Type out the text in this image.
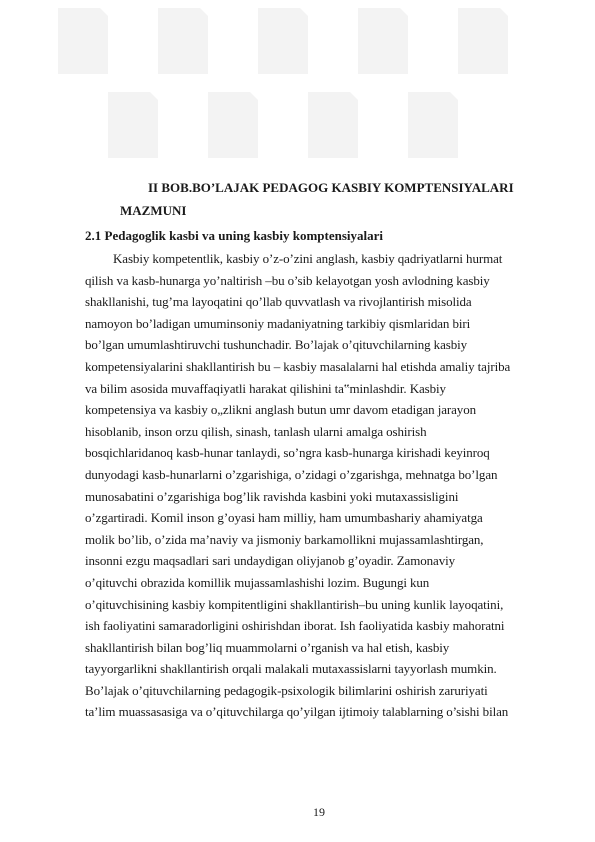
II BOB.BO’LAJAK PEDAGOG KASBIY KOMPTENSIYALARI
MAZMUNI
2.1 Pedagoglik kasbi va uning kasbiy komptensiyalari
Kasbiy kompetentlik, kasbiy o’z-o’zini anglash, kasbiy qadriyatlarni hurmat
qilish va kasb-hunarga yo’naltirish –bu o’sib kelayotgan yosh avlodning kasbiy
shakllanishi, tug’ma layoqatini qo’llab quvvatlash va rivojlantirish misolida
namoyon bo’ladigan umuminsoniy madaniyatning tarkibiy qismlaridan biri
bo’lgan umumlashtiruvchi tushunchadir. Bo’lajak o’qituvchilarning kasbiy
kompetensiyalarini shakllantirish bu – kasbiy masalalarni hal etishda amaliy tajriba
va bilim asosida muvaffaqiyatli harakat qilishini ta‟minlashdir. Kasbiy
kompetensiya va kasbiy o„zlikni anglash butun umr davom etadigan jarayon
hisoblanib, inson orzu qilish, sinash, tanlash ularni amalga oshirish
bosqichlaridanoq kasb-hunar tanlaydi, so’ngra kasb-hunarga kirishadi keyinroq
dunyodagi kasb-hunarlarni o’zgarishiga, o’zidagi o’zgarishga, mehnatga bo’lgan
munosabatini o’zgarishiga bog’lik ravishda kasbini yoki mutaxassisligini
o’zgartiradi. Komil inson g’oyasi ham milliy, ham umumbashariy ahamiyatga
molik bo’lib, o’zida ma’naviy va jismoniy barkamollikni mujassamlashtirgan,
insonni ezgu maqsadlari sari undaydigan oliyjanob g’oyadir. Zamonaviy
o’qituvchi obrazida komillik mujassamlashishi lozim. Bugungi kun
o’qituvchisining kasbiy kompitentligini shakllantirish–bu uning kunlik layoqatini,
ish faoliyatini samaradorligini oshirishdan iborat. Ish faoliyatida kasbiy mahoratni
shakllantirish bilan bog’liq muammolarni o’rganish va hal etish, kasbiy
tayyorgarlikni shakllantirish orqali malakali mutaxassislarni tayyorlash mumkin.
Bo’lajak o’qituvchilarning pedagogik-psixologik bilimlarini oshirish zaruriyati
ta’lim muassasasiga va o’qituvchilarga qo’yilgan ijtimoiy talablarning o’sishi bilan
19
